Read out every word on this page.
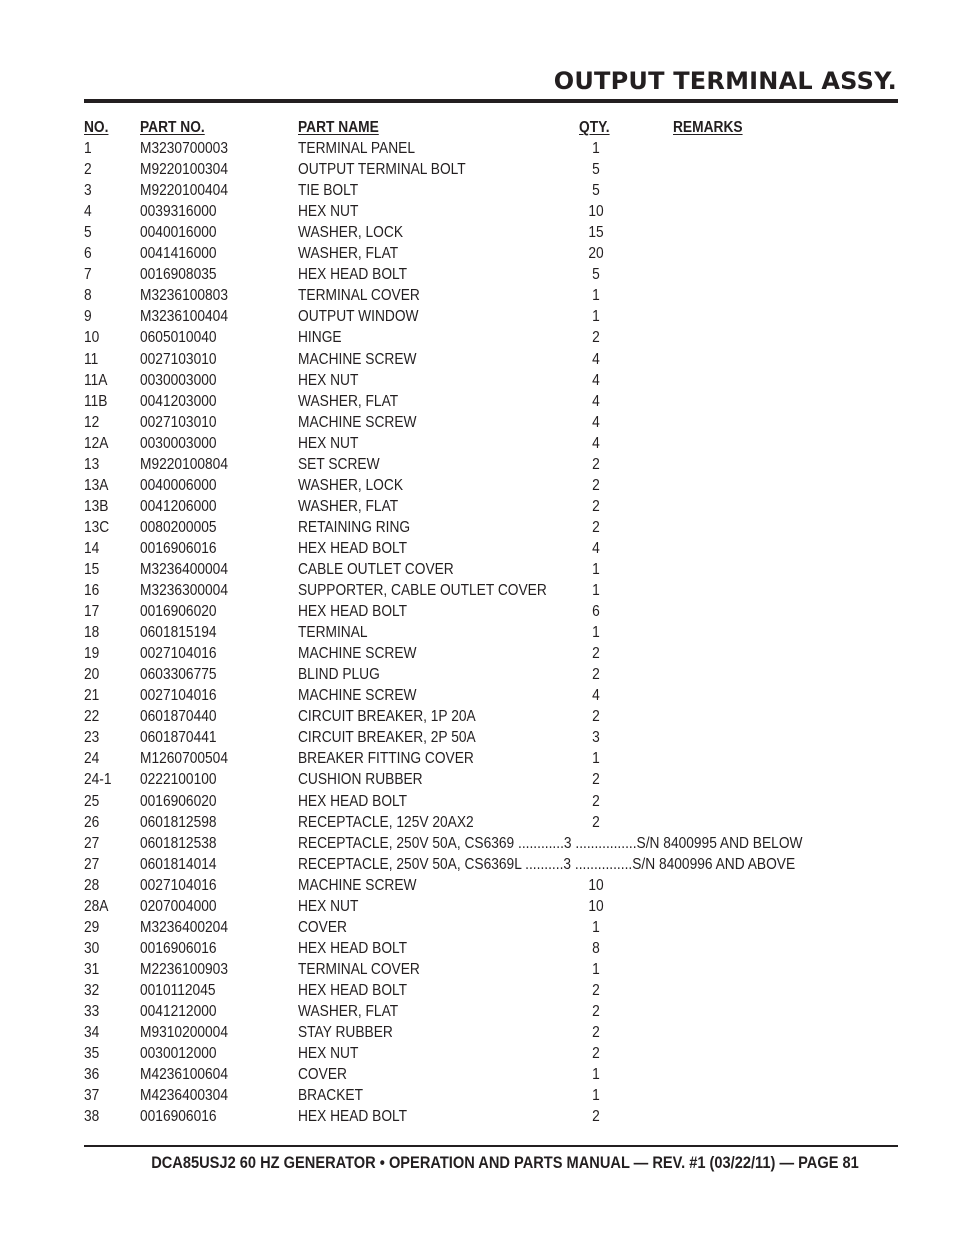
OUTPUT TERMINAL ASSY.
NO. PART NO.	PART NAME	QTY.	REMARKS
1	M3230700003	TERMINAL PANEL	1
2	M9220100304	OUTPUT TERMINAL BOLT	5
3	M9220100404	TIE BOLT	5
4	0039316000	HEX NUT	10
5	0040016000	WASHER, LOCK	15
6	0041416000	WASHER, FLAT	20
7	0016908035	HEX HEAD BOLT	5
8	M3236100803	TERMINAL COVER	1
9	M3236100404	OUTPUT WINDOW	1
10	0605010040	HINGE	2
11	0027103010	MACHINE SCREW	4
11A 0030003000	HEX NUT	4
11B 0041203000	WASHER, FLAT	4
12	0027103010	MACHINE SCREW	4
12A 0030003000	HEX NUT	4
13	M9220100804	SET SCREW	2
13A 0040006000	WASHER, LOCK	2
13B 0041206000	WASHER, FLAT	2
13C 0080200005	RETAINING RING	2
14	0016906016	HEX HEAD BOLT	4
15	M3236400004	CABLE OUTLET COVER	1
16	M3236300004	SUPPORTER, CABLE OUTLET COVER	1
17	0016906020	HEX HEAD BOLT	6
18	0601815194	TERMINAL	1
19	0027104016	MACHINE SCREW	2
20	0603306775	BLIND PLUG	2
21	0027104016	MACHINE SCREW	4
22	0601870440	CIRCUIT BREAKER, 1P 20A	2
23	0601870441	CIRCUIT BREAKER, 2P 50A	3
24	M1260700504	BREAKER FITTING COVER	1
24-1 0222100100	CUSHION RUBBER	2
25	0016906020	HEX HEAD BOLT	2
26	0601812598	RECEPTACLE, 125V 20AX2	2
27	0601812538	RECEPTACLE, 250V 50A, CS6369 ............3 ................S/N 8400995 AND BELOW
27	0601814014	RECEPTACLE, 250V 50A, CS6369L ..........3 ...............S/N 8400996 AND ABOVE
28	0027104016	MACHINE SCREW	10
28A 0207004000	HEX NUT	10
29	M3236400204	COVER	1
30	0016906016	HEX HEAD BOLT	8
31	M2236100903	TERMINAL COVER	1
32	0010112045	HEX HEAD BOLT	2
33	0041212000	WASHER, FLAT	2
34	M9310200004	STAY RUBBER	2
35	0030012000	HEX NUT	2
36	M4236100604	COVER	1
37	M4236400304	BRACKET	1
38	0016906016	HEX HEAD BOLT	2
DCA85USJ2 60 HZ GENERATOR • OPERATION AND PARTS MANUAL — REV. #1 (03/22/11) — PAGE 81
